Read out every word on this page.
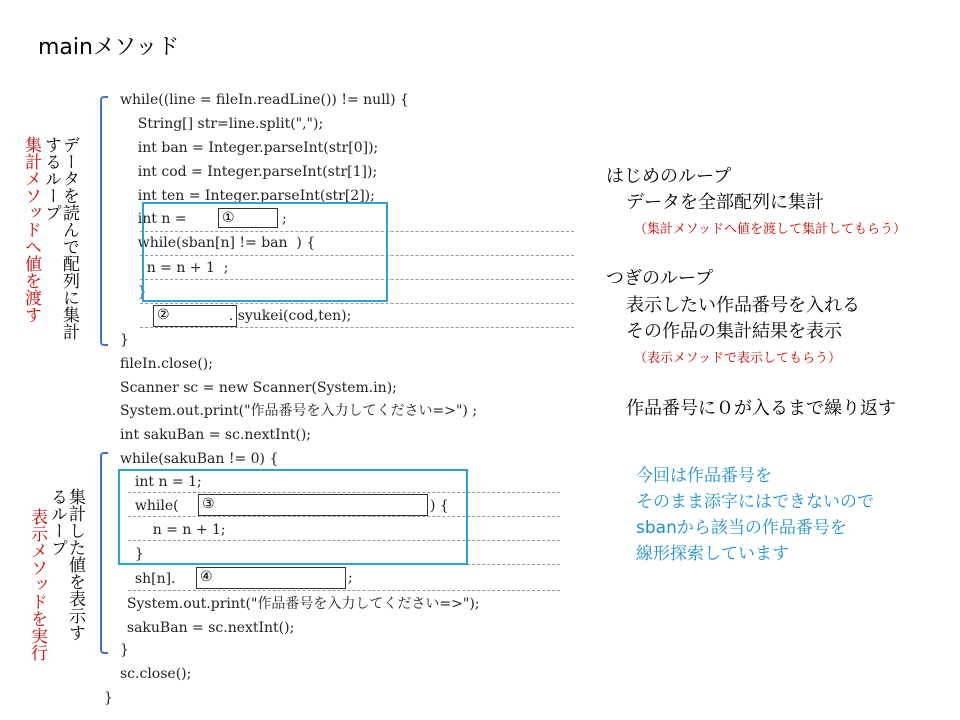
mainメソッド
while((line = fileIn.readLine()) != null) {
String[] str=line.split(",");
int ban = Integer.parseInt(str[0]);
int cod = Integer.parseInt(str[1]);
int ten = Integer.parseInt(str[2]);
int n = ①	;
while(sban[n] != ban  ) {
n = n + 1  ;
}
②	. syukei(cod,ten);
}
fileIn.close();
Scanner sc = new Scanner(System.in);
System.out.print("作品番号を入力してください=>") ;
int sakuBan = sc.nextInt();
while(sakuBan != 0) {
int n = 1;
while( ③	) {
n = n + 1;
}
sh[n]. ④	;
System.out.print("作品番号を入力してください=>");
sakuBan = sc.nextInt();
}
sc.close();
}
データを読んで配列に集計するループ
集計メソッドへ値を渡す
集計した値を表示するループ
表示メソッドを実行
はじめのループ
データを全部配列に集計
（集計メソッドへ値を渡して集計してもらう）
つぎのループ
表示したい作品番号を入れる
その作品の集計結果を表示
（表示メソッドで表示してもらう）
作品番号に０が入るまで繰り返す
今回は作品番号を
そのまま添字にはできないので
sbanから該当の作品番号を
線形探索しています
